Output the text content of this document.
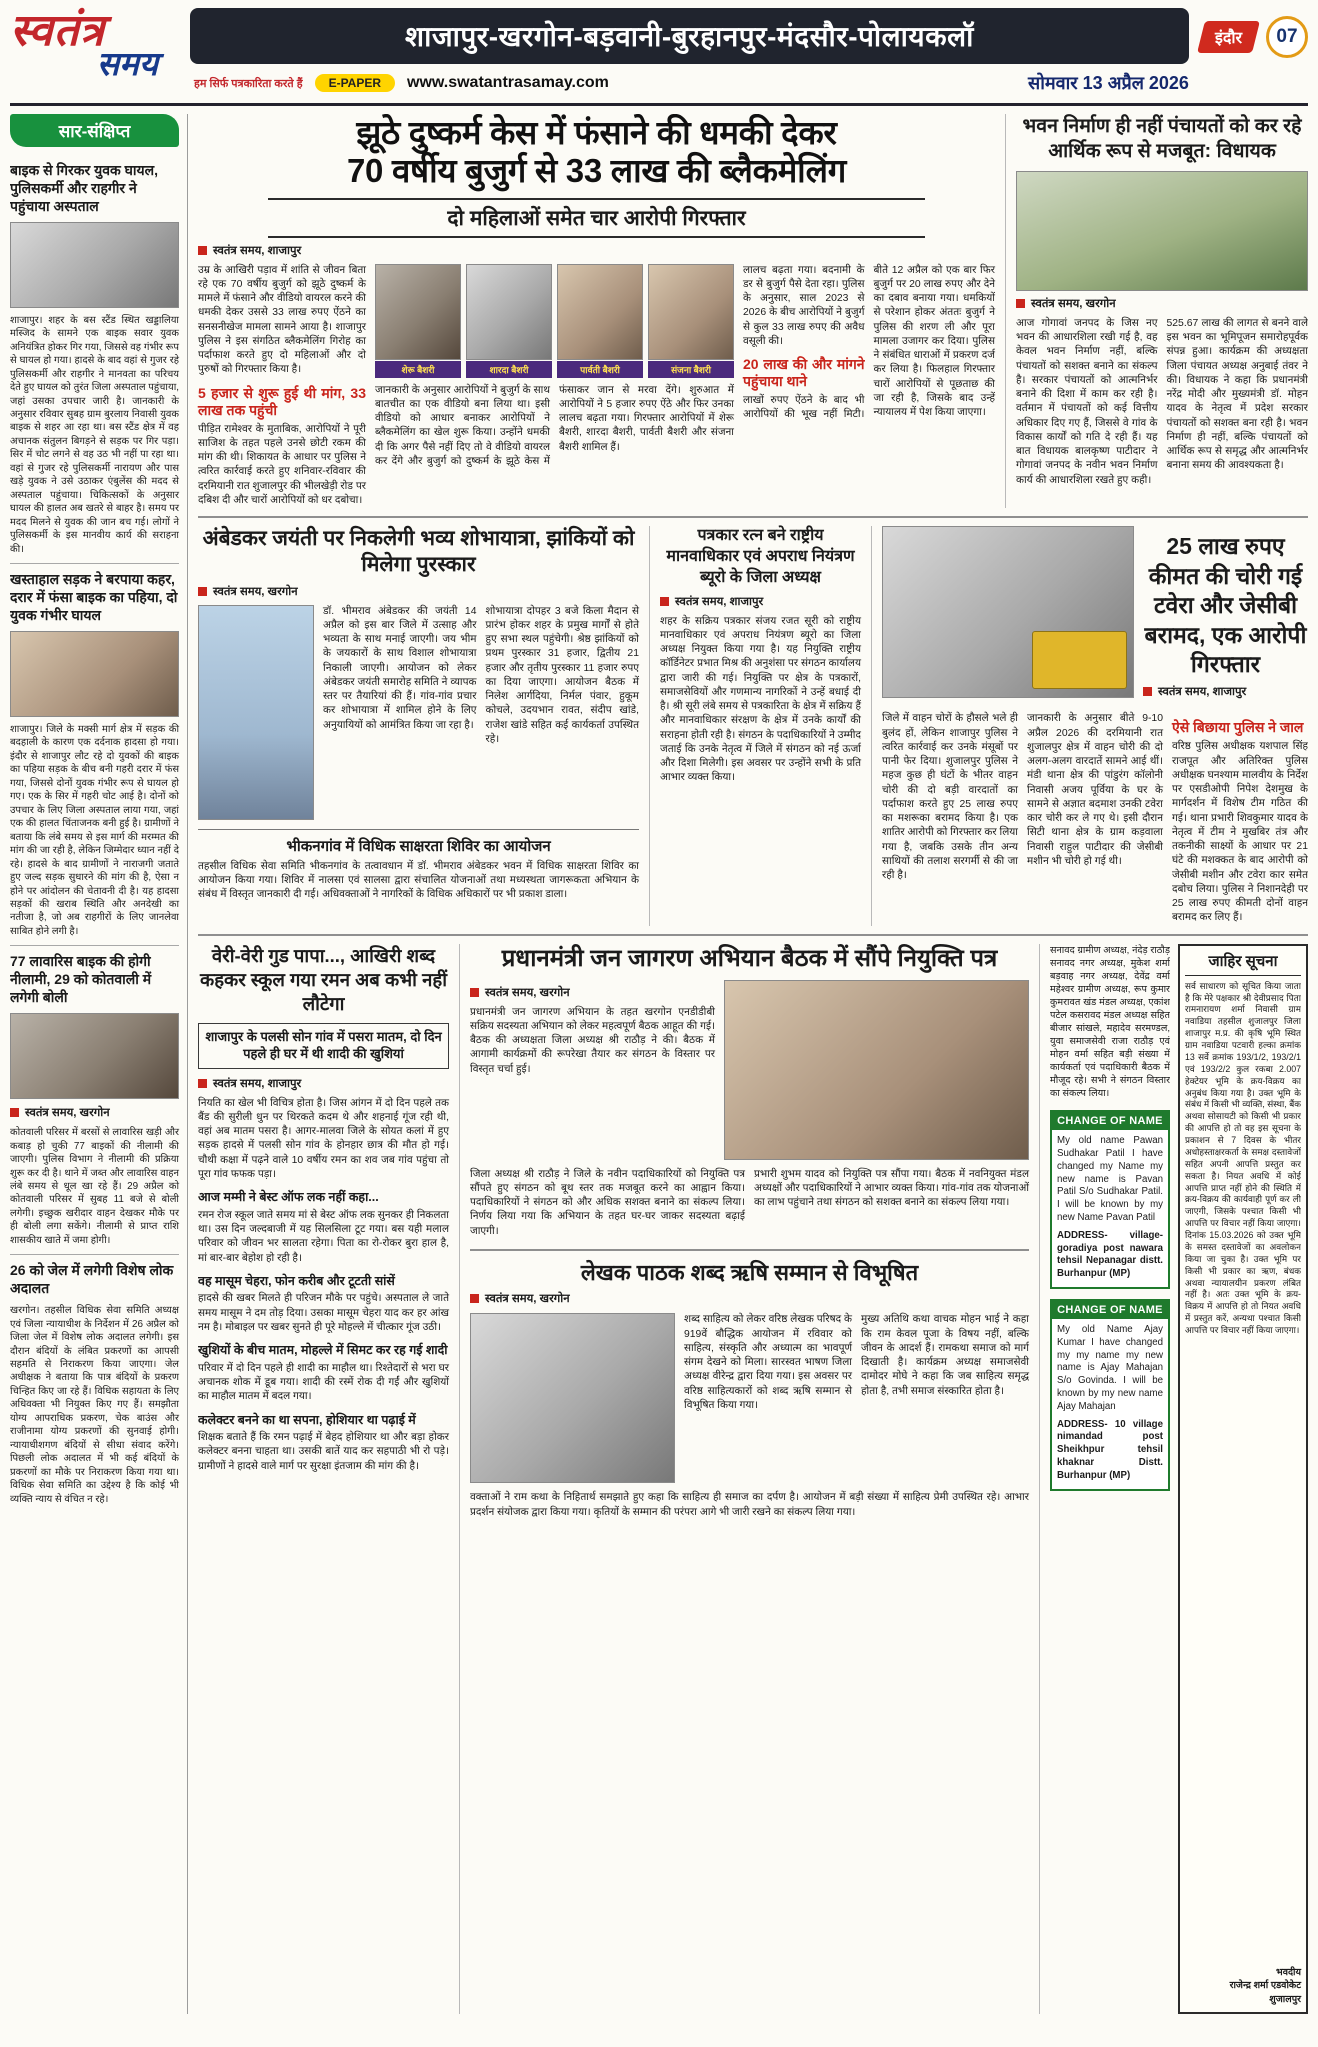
स्वतंत्र
समय
शाजापुर-खरगोन-बड़वानी-बुरहानपुर-मंदसौर-पोलायकलॉ
हम सिर्फ पत्रकारिता करते हैं	E-PAPER	www.swatantrasamay.com	सोमवार 13 अप्रैल 2026
इंदौर	07
सार-संक्षिप्त
बाइक से गिरकर युवक घायल, पुलिसकर्मी और राहगीर ने पहुंचाया अस्पताल
शाजापुर। शहर के बस स्टैंड स्थित खड्डालिया मस्जिद के सामने एक बाइक सवार युवक अनियंत्रित होकर गिर गया, जिससे वह गंभीर रूप से घायल हो गया। हादसे के बाद वहां से गुजर रहे पुलिसकर्मी और राहगीर ने मानवता का परिचय देते हुए घायल को तुरंत जिला अस्पताल पहुंचाया, जहां उसका उपचार जारी है। जानकारी के अनुसार रविवार सुबह ग्राम बुरलाय निवासी युवक बाइक से शहर आ रहा था। बस स्टैंड क्षेत्र में वह अचानक संतुलन बिगड़ने से सड़क पर गिर पड़ा। सिर में चोट लगने से वह उठ भी नहीं पा रहा था। वहां से गुजर रहे पुलिसकर्मी नारायण और पास खड़े युवक ने उसे उठाकर एंबुलेंस की मदद से अस्पताल पहुंचाया। चिकित्सकों के अनुसार घायल की हालत अब खतरे से बाहर है। समय पर मदद मिलने से युवक की जान बच गई। लोगों ने पुलिसकर्मी के इस मानवीय कार्य की सराहना की।
खस्ताहाल सड़क ने बरपाया कहर, दरार में फंसा बाइक का पहिया, दो युवक गंभीर घायल
शाजापुर। जिले के मक्सी मार्ग क्षेत्र में सड़क की बदहाली के कारण एक दर्दनाक हादसा हो गया। इंदौर से शाजापुर लौट रहे दो युवकों की बाइक का पहिया सड़क के बीच बनी गहरी दरार में फंस गया, जिससे दोनों युवक गंभीर रूप से घायल हो गए। एक के सिर में गहरी चोट आई है। दोनों को उपचार के लिए जिला अस्पताल लाया गया, जहां एक की हालत चिंताजनक बनी हुई है। ग्रामीणों ने बताया कि लंबे समय से इस मार्ग की मरम्मत की मांग की जा रही है, लेकिन जिम्मेदार ध्यान नहीं दे रहे। हादसे के बाद ग्रामीणों ने नाराजगी जताते हुए जल्द सड़क सुधारने की मांग की है, ऐसा न होने पर आंदोलन की चेतावनी दी है। यह हादसा सड़कों की खराब स्थिति और अनदेखी का नतीजा है, जो अब राहगीरों के लिए जानलेवा साबित होने लगी है।
77 लावारिस बाइक की होगी नीलामी, 29 को कोतवाली में लगेगी बोली
स्वतंत्र समय, खरगोन
कोतवाली परिसर में बरसों से लावारिस खड़ी और कबाड़ हो चुकी 77 बाइकों की नीलामी की जाएगी। पुलिस विभाग ने नीलामी की प्रक्रिया शुरू कर दी है। थाने में जब्त और लावारिस वाहन लंबे समय से धूल खा रहे हैं। 29 अप्रैल को कोतवाली परिसर में सुबह 11 बजे से बोली लगेगी। इच्छुक खरीदार वाहन देखकर मौके पर ही बोली लगा सकेंगे। नीलामी से प्राप्त राशि शासकीय खाते में जमा होगी।
26 को जेल में लगेगी विशेष लोक अदालत
खरगोन। तहसील विधिक सेवा समिति अध्यक्ष एवं जिला न्यायाधीश के निर्देशन में 26 अप्रैल को जिला जेल में विशेष लोक अदालत लगेगी। इस दौरान बंदियों के लंबित प्रकरणों का आपसी सहमति से निराकरण किया जाएगा। जेल अधीक्षक ने बताया कि पात्र बंदियों के प्रकरण चिन्हित किए जा रहे हैं। विधिक सहायता के लिए अधिवक्ता भी नियुक्त किए गए हैं। समझौता योग्य आपराधिक प्रकरण, चेक बाउंस और राजीनामा योग्य प्रकरणों की सुनवाई होगी। न्यायाधीशगण बंदियों से सीधा संवाद करेंगे। पिछली लोक अदालत में भी कई बंदियों के प्रकरणों का मौके पर निराकरण किया गया था। विधिक सेवा समिति का उद्देश्य है कि कोई भी व्यक्ति न्याय से वंचित न रहे।
झूठे दुष्कर्म केस में फंसाने की धमकी देकर
70 वर्षीय बुजुर्ग से 33 लाख की ब्लैकमेलिंग
दो महिलाओं समेत चार आरोपी गिरफ्तार
स्वतंत्र समय, शाजापुर

उम्र के आखिरी पड़ाव में शांति से जीवन बिता रहे एक 70 वर्षीय बुजुर्ग को झूठे दुष्कर्म के मामले में फंसाने और वीडियो वायरल करने की धमकी देकर उससे 33 लाख रुपए ऐंठने का सनसनीखेज मामला सामने आया है। शाजापुर पुलिस ने इस संगठित ब्लैकमेलिंग गिरोह का पर्दाफाश करते हुए दो महिलाओं और दो पुरुषों को गिरफ्तार किया है।

5 हजार से शुरू हुई थी मांग, 33 लाख तक पहुंची

पीड़ित रामेश्वर के मुताबिक, आरोपियों ने पूरी साजिश के तहत पहले उनसे छोटी रकम की मांग की थी। शिकायत के आधार पर पुलिस ने त्वरित कार्रवाई करते हुए शनिवार-रविवार की दरमियानी रात शुजालपुर की भीलखेड़ी रोड पर दबिश दी और चारों आरोपियों को धर दबोचा।

शेरू बैशरी	शारदा बैशरी	पार्वती बैशरी	संजना बैशरी
जानकारी के अनुसार आरोपियों ने बुजुर्ग के साथ बातचीत का एक वीडियो बना लिया था। इसी वीडियो को आधार बनाकर आरोपियों ने ब्लैकमेलिंग का खेल शुरू किया। उन्होंने धमकी दी कि अगर पैसे नहीं दिए तो वे वीडियो वायरल कर देंगे और बुजुर्ग को दुष्कर्म के झूठे केस में फंसाकर जान से मरवा देंगे। शुरुआत में आरोपियों ने 5 हजार रुपए ऐंठे और फिर उनका लालच बढ़ता गया। गिरफ्तार आरोपियों में शेरू बैशरी, शारदा बैशरी, पार्वती बैशरी और संजना बैशरी शामिल हैं।

लालच बढ़ता गया। बदनामी के डर से बुजुर्ग पैसे देता रहा। पुलिस के अनुसार, साल 2023 से 2026 के बीच आरोपियों ने बुजुर्ग से कुल 33 लाख रुपए की अवैध वसूली की।

20 लाख की और मांगने पहुंचाया थाने

लाखों रुपए ऐंठने के बाद भी आरोपियों की भूख नहीं मिटी। बीते 12 अप्रैल को एक बार फिर बुजुर्ग पर 20 लाख रुपए और देने का दबाव बनाया गया। धमकियों से परेशान होकर अंततः बुजुर्ग ने पुलिस की शरण ली और पूरा मामला उजागर कर दिया। पुलिस ने संबंधित धाराओं में प्रकरण दर्ज कर लिया है। फिलहाल गिरफ्तार चारों आरोपियों से पूछताछ की जा रही है, जिसके बाद उन्हें न्यायालय में पेश किया जाएगा।

भवन निर्माण ही नहीं पंचायतों को कर रहे आर्थिक रूप से मजबूत: विधायक
स्वतंत्र समय, खरगोन
आज गोगावां जनपद के जिस नए भवन की आधारशिला रखी गई है, वह केवल भवन निर्माण नहीं, बल्कि पंचायतों को सशक्त बनाने का संकल्प है। सरकार पंचायतों को आत्मनिर्भर बनाने की दिशा में काम कर रही है। वर्तमान में पंचायतों को कई वित्तीय अधिकार दिए गए हैं, जिससे वे गांव के विकास कार्यों को गति दे रही हैं। यह बात विधायक बालकृष्ण पाटीदार ने गोगावां जनपद के नवीन भवन निर्माण कार्य की आधारशिला रखते हुए कही।
525.67 लाख की लागत से बनने वाले इस भवन का भूमिपूजन समारोहपूर्वक संपन्न हुआ। कार्यक्रम की अध्यक्षता जिला पंचायत अध्यक्ष अनुबाई तंवर ने की। विधायक ने कहा कि प्रधानमंत्री नरेंद्र मोदी और मुख्यमंत्री डॉ. मोहन यादव के नेतृत्व में प्रदेश सरकार पंचायतों को सशक्त बना रही है। भवन निर्माण ही नहीं, बल्कि पंचायतों को आर्थिक रूप से समृद्ध और आत्मनिर्भर बनाना समय की आवश्यकता है।
अंबेडकर जयंती पर निकलेगी भव्य शोभायात्रा, झांकियों को मिलेगा पुरस्कार
स्वतंत्र समय, खरगोन
डॉ. भीमराव अंबेडकर की जयंती 14 अप्रैल को इस बार जिले में उत्साह और भव्यता के साथ मनाई जाएगी। जय भीम के जयकारों के साथ विशाल शोभायात्रा निकाली जाएगी। आयोजन को लेकर अंबेडकर जयंती समारोह समिति ने व्यापक स्तर पर तैयारियां की हैं। गांव-गांव प्रचार कर शोभायात्रा में शामिल होने के लिए अनुयायियों को आमंत्रित किया जा रहा है।
शोभायात्रा दोपहर 3 बजे किला मैदान से प्रारंभ होकर शहर के प्रमुख मार्गों से होते हुए सभा स्थल पहुंचेगी। श्रेष्ठ झांकियों को प्रथम पुरस्कार 31 हजार, द्वितीय 21 हजार और तृतीय पुरस्कार 11 हजार रुपए का दिया जाएगा। आयोजन बैठक में निलेश आर्गदिया, निर्मल पंवार, हुकूम कोचले, उदयभान रावत, संदीप खांडे, राजेश खांडे सहित कई कार्यकर्ता उपस्थित रहे।
भीकनगांव में विधिक साक्षरता शिविर का आयोजन
तहसील विधिक सेवा समिति भीकनगांव के तत्वावधान में डॉ. भीमराव अंबेडकर भवन में विधिक साक्षरता शिविर का आयोजन किया गया। शिविर में नालसा एवं सालसा द्वारा संचालित योजनाओं तथा मध्यस्थता जागरूकता अभियान के संबंध में विस्तृत जानकारी दी गई। अधिवक्ताओं ने नागरिकों के विधिक अधिकारों पर भी प्रकाश डाला।
पत्रकार रत्न बने राष्ट्रीय मानवाधिकार एवं अपराध नियंत्रण ब्यूरो के जिला अध्यक्ष
स्वतंत्र समय, शाजापुर
शहर के सक्रिय पत्रकार संजय रजत सूरी को राष्ट्रीय मानवाधिकार एवं अपराध नियंत्रण ब्यूरो का जिला अध्यक्ष नियुक्त किया गया है। यह नियुक्ति राष्ट्रीय कॉर्डिनेटर प्रभात मिश्र की अनुशंसा पर संगठन कार्यालय द्वारा जारी की गई। नियुक्ति पर क्षेत्र के पत्रकारों, समाजसेवियों और गणमान्य नागरिकों ने उन्हें बधाई दी है। श्री सूरी लंबे समय से पत्रकारिता के क्षेत्र में सक्रिय हैं और मानवाधिकार संरक्षण के क्षेत्र में उनके कार्यों की सराहना होती रही है। संगठन के पदाधिकारियों ने उम्मीद जताई कि उनके नेतृत्व में जिले में संगठन को नई ऊर्जा और दिशा मिलेगी। इस अवसर पर उन्होंने सभी के प्रति आभार व्यक्त किया।
25 लाख रुपए कीमत की चोरी गई टवेरा और जेसीबी बरामद, एक आरोपी गिरफ्तार
स्वतंत्र समय, शाजापुर
जिले में वाहन चोरों के हौसले भले ही बुलंद हों, लेकिन शाजापुर पुलिस ने त्वरित कार्रवाई कर उनके मंसूबों पर पानी फेर दिया। शुजालपुर पुलिस ने महज कुछ ही घंटों के भीतर वाहन चोरी की दो बड़ी वारदातों का पर्दाफाश करते हुए 25 लाख रुपए का मशरूका बरामद किया है। एक शातिर आरोपी को गिरफ्तार कर लिया गया है, जबकि उसके तीन अन्य साथियों की तलाश सरगर्मी से की जा रही है।
जानकारी के अनुसार बीते 9-10 अप्रैल 2026 की दरमियानी रात शुजालपुर क्षेत्र में वाहन चोरी की दो अलग-अलग वारदातें सामने आई थीं। मंडी थाना क्षेत्र की पांडुरंग कॉलोनी निवासी अजय पूर्विया के घर के सामने से अज्ञात बदमाश उनकी टवेरा कार चोरी कर ले गए थे। इसी दौरान सिटी थाना क्षेत्र के ग्राम कड़वाला निवासी राहुल पाटीदार की जेसीबी मशीन भी चोरी हो गई थी।
ऐसे बिछाया पुलिस ने जाल
वरिष्ठ पुलिस अधीक्षक यशपाल सिंह राजपूत और अतिरिक्त पुलिस अधीक्षक घनश्याम मालवीय के निर्देश पर एसडीओपी निपेश देशमुख के मार्गदर्शन में विशेष टीम गठित की गई। थाना प्रभारी शिवकुमार यादव के नेतृत्व में टीम ने मुखबिर तंत्र और तकनीकी साक्ष्यों के आधार पर 21 घंटे की मशक्कत के बाद आरोपी को जेसीबी मशीन और टवेरा कार समेत दबोच लिया। पुलिस ने निशानदेही पर 25 लाख रुपए कीमती दोनों वाहन बरामद कर लिए हैं।
वेरी-वेरी गुड पापा..., आखिरी शब्द कहकर स्कूल गया रमन अब कभी नहीं लौटेगा
शाजापुर के पलसी सोन गांव में पसरा मातम, दो दिन पहले ही घर में थी शादी की खुशियां
स्वतंत्र समय, शाजापुर

नियति का खेल भी विचित्र होता है। जिस आंगन में दो दिन पहले तक बैंड की सुरीली धुन पर थिरकते कदम थे और शहनाई गूंज रही थी, वहां अब मातम पसरा है। आगर-मालवा जिले के सोयत कलां में हुए सड़क हादसे में पलसी सोन गांव के होनहार छात्र की मौत हो गई। चौथी कक्षा में पढ़ने वाले 10 वर्षीय रमन का शव जब गांव पहुंचा तो पूरा गांव फफक पड़ा।

आज मम्मी ने बेस्ट ऑफ लक नहीं कहा...

रमन रोज स्कूल जाते समय मां से बेस्ट ऑफ लक सुनकर ही निकलता था। उस दिन जल्दबाजी में यह सिलसिला टूट गया। बस यही मलाल परिवार को जीवन भर सालता रहेगा। पिता का रो-रोकर बुरा हाल है, मां बार-बार बेहोश हो रही है।

वह मासूम चेहरा, फोन करीब और टूटती सांसें

हादसे की खबर मिलते ही परिजन मौके पर पहुंचे। अस्पताल ले जाते समय मासूम ने दम तोड़ दिया। उसका मासूम चेहरा याद कर हर आंख नम है। मोबाइल पर खबर सुनते ही पूरे मोहल्ले में चीत्कार गूंज उठी।

खुशियों के बीच मातम, मोहल्ले में सिमट कर रह गई शादी

परिवार में दो दिन पहले ही शादी का माहौल था। रिश्तेदारों से भरा घर अचानक शोक में डूब गया। शादी की रस्में रोक दी गईं और खुशियों का माहौल मातम में बदल गया।

कलेक्टर बनने का था सपना, होशियार था पढ़ाई में

शिक्षक बताते हैं कि रमन पढ़ाई में बेहद होशियार था और बड़ा होकर कलेक्टर बनना चाहता था। उसकी बातें याद कर सहपाठी भी रो पड़े। ग्रामीणों ने हादसे वाले मार्ग पर सुरक्षा इंतजाम की मांग की है।

प्रधानमंत्री जन जागरण अभियान बैठक में सौंपे नियुक्ति पत्र
स्वतंत्र समय, खरगोन
प्रधानमंत्री जन जागरण अभियान के तहत खरगोन एनडीडीबी सक्रिय सदस्यता अभियान को लेकर महत्वपूर्ण बैठक आहूत की गई। बैठक की अध्यक्षता जिला अध्यक्ष श्री राठौड़ ने की। बैठक में आगामी कार्यक्रमों की रूपरेखा तैयार कर संगठन के विस्तार पर विस्तृत चर्चा हुई।
जिला अध्यक्ष श्री राठौड़ ने जिले के नवीन पदाधिकारियों को नियुक्ति पत्र सौंपते हुए संगठन को बूथ स्तर तक मजबूत करने का आह्वान किया। पदाधिकारियों ने संगठन को और अधिक सशक्त बनाने का संकल्प लिया। निर्णय लिया गया कि अभियान के तहत घर-घर जाकर सदस्यता बढ़ाई जाएगी।
प्रभारी शुभम यादव को नियुक्ति पत्र सौंपा गया। बैठक में नवनियुक्त मंडल अध्यक्षों और पदाधिकारियों ने आभार व्यक्त किया। गांव-गांव तक योजनाओं का लाभ पहुंचाने तथा संगठन को सशक्त बनाने का संकल्प लिया गया।
लेखक पाठक शब्द ऋषि सम्मान से विभूषित
स्वतंत्र समय, खरगोन
शब्द साहित्य को लेकर वरिष्ठ लेखक परिषद के 919वें बौद्धिक आयोजन में रविवार को साहित्य, संस्कृति और अध्यात्म का भावपूर्ण संगम देखने को मिला। सारस्वत भाषण जिला अध्यक्ष वीरेन्द्र द्वारा दिया गया। इस अवसर पर वरिष्ठ साहित्यकारों को शब्द ऋषि सम्मान से विभूषित किया गया।
मुख्य अतिथि कथा वाचक मोहन भाई ने कहा कि राम केवल पूजा के विषय नहीं, बल्कि जीवन के आदर्श हैं। रामकथा समाज को मार्ग दिखाती है। कार्यक्रम अध्यक्ष समाजसेवी दामोदर मोघे ने कहा कि जब साहित्य समृद्ध होता है, तभी समाज संस्कारित होता है।
वक्ताओं ने राम कथा के निहितार्थ समझाते हुए कहा कि साहित्य ही समाज का दर्पण है। आयोजन में बड़ी संख्या में साहित्य प्रेमी उपस्थित रहे। आभार प्रदर्शन संयोजक द्वारा किया गया। कृतियों के सम्मान की परंपरा आगे भी जारी रखने का संकल्प लिया गया।
सनावद ग्रामीण अध्यक्ष, नंदेड़ राठौड़ सनावद नगर अध्यक्ष, मुकेश शर्मा बड़वाह नगर अध्यक्ष, देवेंद्र वर्मा महेश्वर ग्रामीण अध्यक्ष, रूप कुमार कुमरावत खंड मंडल अध्यक्ष, एकांश पटेल कसरावद मंडल अध्यक्ष सहित बीजार सांखले, महादेव सरमण्डल, युवा समाजसेवी राजा राठौड़ एवं मोहन वर्मा सहित बड़ी संख्या में कार्यकर्ता एवं पदाधिकारी बैठक में मौजूद रहे। सभी ने संगठन विस्तार का संकल्प लिया।
CHANGE OF NAME
My old name Pawan Sudhakar Patil I have changed my Name my new name is Pavan Patil S/o Sudhakar Patil. I will be known by my new Name Pavan Patil
ADDRESS- village- goradiya post nawara tehsil Nepanagar distt. Burhanpur (MP)
CHANGE OF NAME
My old Name Ajay Kumar I have changed my my name my new name is Ajay Mahajan S/o Govinda. I will be known by my new name Ajay Mahajan
ADDRESS- 10 village nimandad post Sheikhpur tehsil khaknar Distt. Burhanpur (MP)
जाहिर सूचना
सर्व साधारण को सूचित किया जाता है कि मेरे पक्षकार श्री देवीप्रसाद पिता रामनारायण शर्मा निवासी ग्राम नवाडिया तहसील शुजालपुर जिला शाजापुर म.प्र. की कृषि भूमि स्थित ग्राम नवाडिया पटवारी हल्का क्रमांक 13 सर्वे क्रमांक 193/1/2, 193/2/1 एवं 193/2/2 कुल रकबा 2.007 हेक्टेयर भूमि के क्रय-विक्रय का अनुबंध किया गया है। उक्त भूमि के संबंध में किसी भी व्यक्ति, संस्था, बैंक अथवा सोसायटी को किसी भी प्रकार की आपत्ति हो तो वह इस सूचना के प्रकाशन से 7 दिवस के भीतर अधोहस्ताक्षरकर्ता के समक्ष दस्तावेजों सहित अपनी आपत्ति प्रस्तुत कर सकता है। नियत अवधि में कोई आपत्ति प्राप्त नहीं होने की स्थिति में क्रय-विक्रय की कार्यवाही पूर्ण कर ली जाएगी, जिसके पश्चात किसी भी आपत्ति पर विचार नहीं किया जाएगा। दिनांक 15.03.2026 को उक्त भूमि के समस्त दस्तावेजों का अवलोकन किया जा चुका है। उक्त भूमि पर किसी भी प्रकार का ऋण, बंधक अथवा न्यायालयीन प्रकरण लंबित नहीं है। अतः उक्त भूमि के क्रय-विक्रय में आपत्ति हो तो नियत अवधि में प्रस्तुत करें, अन्यथा पश्चात किसी आपत्ति पर विचार नहीं किया जाएगा।
भवदीय
राजेन्द्र शर्मा एडवोकेट
शुजालपुर
